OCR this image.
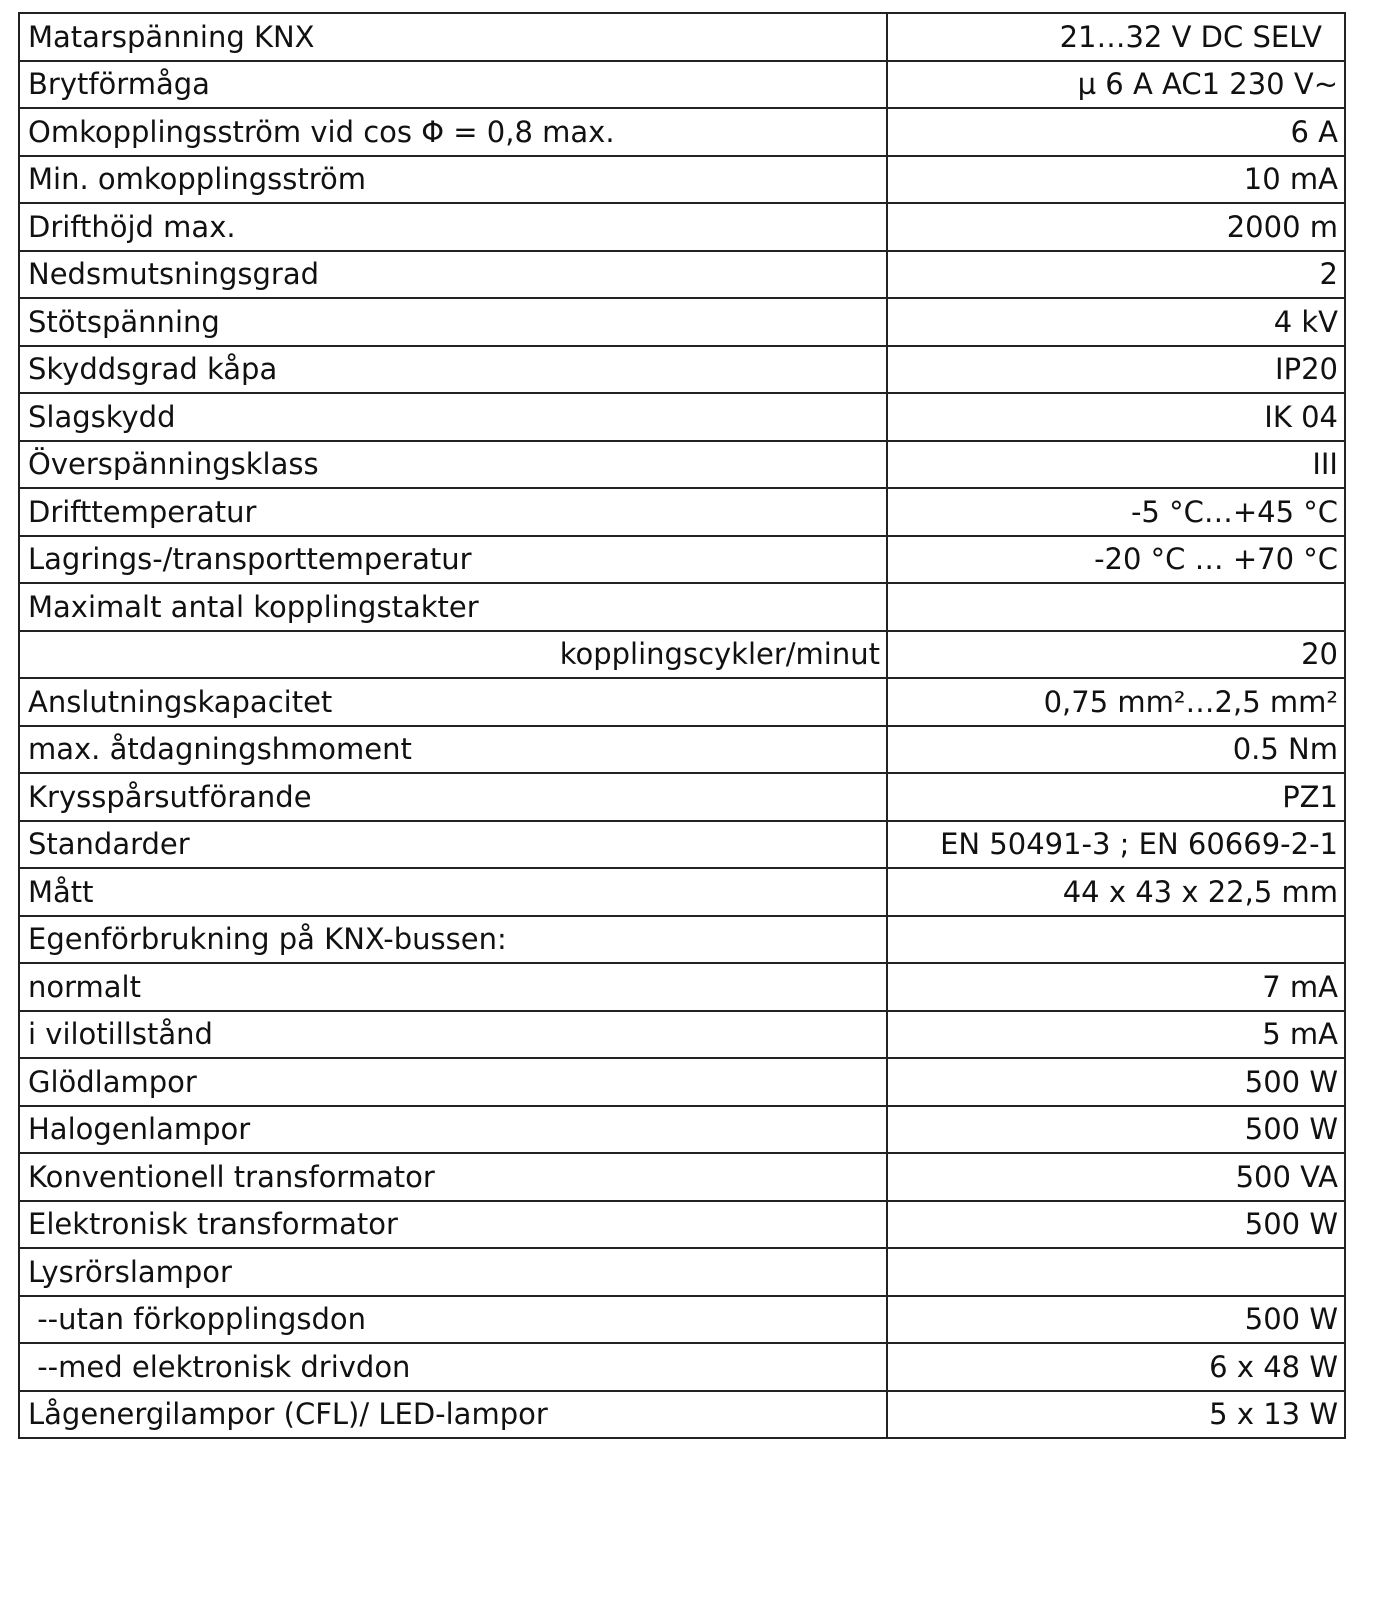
Matarspänning KNX	21…32 V DC SELV
Brytförmåga	µ 6 A AC1 230 V~
Omkopplingsström vid cos Φ = 0,8 max.	6 A
Min. omkopplingsström	10 mA
Drifthöjd max.	2000 m
Nedsmutsningsgrad	2
Stötspänning	4 kV
Skyddsgrad kåpa	IP20
Slagskydd	IK 04
Överspänningsklass	III
Drifttemperatur	-5 °C…+45 °C
Lagrings-/transporttemperatur	-20 °C … +70 °C
Maximalt antal kopplingstakter	
kopplingscykler/minut	20
Anslutningskapacitet	0,75 mm²…2,5 mm²
max. åtdagningshmoment	0.5 Nm
Krysspårsutförande	PZ1
Standarder	EN 50491-3 ; EN 60669-2-1
Mått	44 x 43 x 22,5 mm
Egenförbrukning på KNX-bussen:	
normalt	7 mA
i vilotillstånd	5 mA
Glödlampor	500 W
Halogenlampor	500 W
Konventionell transformator	500 VA
Elektronisk transformator	500 W
Lysrörslampor	
--utan förkopplingsdon	500 W
--med elektronisk drivdon	6 x 48 W
Lågenergilampor (CFL)/ LED-lampor	5 x 13 W
